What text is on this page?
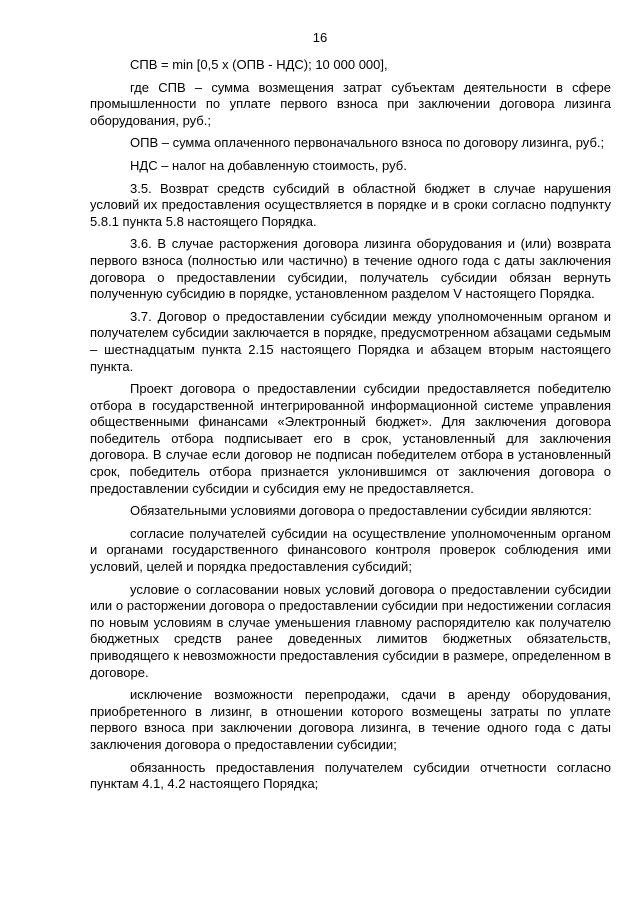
16

СПВ = min [0,5 x (ОПВ - НДС); 10 000 000],

где СПВ – сумма возмещения затрат субъектам деятельности в сфере промышленности по уплате первого взноса при заключении договора лизинга оборудования, руб.;

ОПВ – сумма оплаченного первоначального взноса по договору лизинга, руб.;

НДС – налог на добавленную стоимость, руб.

3.5. Возврат средств субсидий в областной бюджет в случае нарушения условий их предоставления осуществляется в порядке и в сроки согласно подпункту 5.8.1 пункта 5.8 настоящего Порядка.

3.6. В случае расторжения договора лизинга оборудования и (или) возврата первого взноса (полностью или частично) в течение одного года с даты заключения договора о предоставлении субсидии, получатель субсидии обязан вернуть полученную субсидию в порядке, установленном разделом V настоящего Порядка.

3.7. Договор о предоставлении субсидии между уполномоченным органом и получателем субсидии заключается в порядке, предусмотренном абзацами седьмым – шестнадцатым пункта 2.15 настоящего Порядка и абзацем вторым настоящего пункта.

Проект договора о предоставлении субсидии предоставляется победителю отбора в государственной интегрированной информационной системе управления общественными финансами «Электронный бюджет». Для заключения договора победитель отбора подписывает его в срок, установленный для заключения договора. В случае если договор не подписан победителем отбора в установленный срок, победитель отбора признается уклонившимся от заключения договора о предоставлении субсидии и субсидия ему не предоставляется.

Обязательными условиями договора о предоставлении субсидии являются:

согласие получателей субсидии на осуществление уполномоченным органом и органами государственного финансового контроля проверок соблюдения ими условий, целей и порядка предоставления субсидий;

условие о согласовании новых условий договора о предоставлении субсидии или о расторжении договора о предоставлении субсидии при недостижении согласия по новым условиям в случае уменьшения главному распорядителю как получателю бюджетных средств ранее доведенных лимитов бюджетных обязательств, приводящего к невозможности предоставления субсидии в размере, определенном в договоре.

исключение возможности перепродажи, сдачи в аренду оборудования, приобретенного в лизинг, в отношении которого возмещены затраты по уплате первого взноса при заключении договора лизинга, в течение одного года с даты заключения договора о предоставлении субсидии;

обязанность предоставления получателем субсидии отчетности согласно пунктам 4.1, 4.2 настоящего Порядка;
